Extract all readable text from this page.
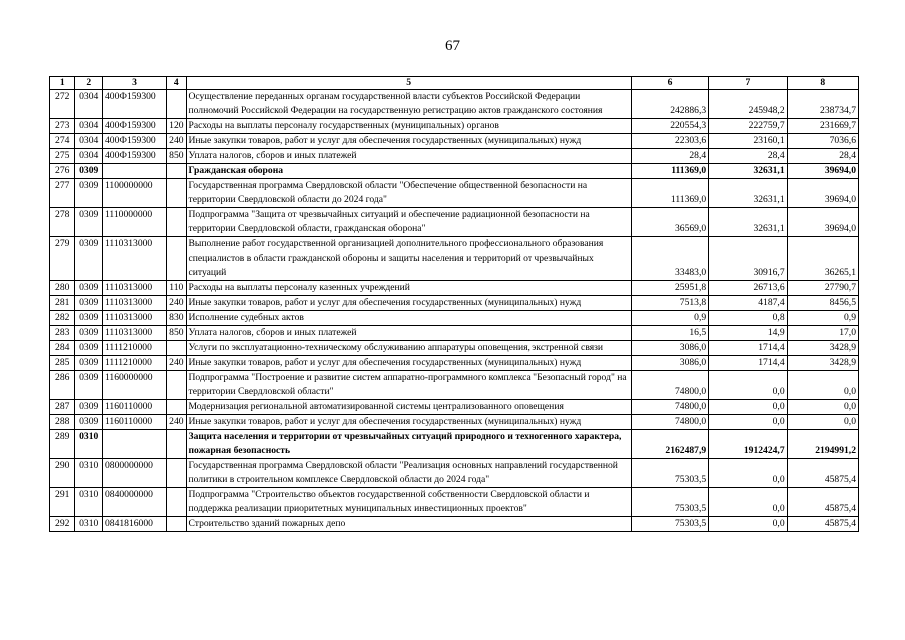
67
1	2	3	4	5	6	7	8
272	0304	400Ф159300		Осуществление переданных органам государственной власти субъектов Российской Федерации полномочий Российской Федерации на государственную регистрацию актов гражданского состояния	242886,3	245948,2	238734,7
273	0304	400Ф159300	120	Расходы на выплаты персоналу государственных (муниципальных) органов	220554,3	222759,7	231669,7
274	0304	400Ф159300	240	Иные закупки товаров, работ и услуг для обеспечения государственных (муниципальных) нужд	22303,6	23160,1	7036,6
275	0304	400Ф159300	850	Уплата налогов, сборов и иных платежей	28,4	28,4	28,4
276	0309			Гражданская оборона	111369,0	32631,1	39694,0
277	0309	1100000000		Государственная программа Свердловской области "Обеспечение общественной безопасности на территории Свердловской области до 2024 года"	111369,0	32631,1	39694,0
278	0309	1110000000		Подпрограмма "Защита от чрезвычайных ситуаций и обеспечение радиационной безопасности на территории Свердловской области, гражданская оборона"	36569,0	32631,1	39694,0
279	0309	1110313000		Выполнение работ государственной организацией дополнительного профессионального образования специалистов в области гражданской обороны и защиты населения и территорий от чрезвычайных ситуаций	33483,0	30916,7	36265,1
280	0309	1110313000	110	Расходы на выплаты персоналу казенных учреждений	25951,8	26713,6	27790,7
281	0309	1110313000	240	Иные закупки товаров, работ и услуг для обеспечения государственных (муниципальных) нужд	7513,8	4187,4	8456,5
282	0309	1110313000	830	Исполнение судебных актов	0,9	0,8	0,9
283	0309	1110313000	850	Уплата налогов, сборов и иных платежей	16,5	14,9	17,0
284	0309	1111210000		Услуги по эксплуатационно-техническому обслуживанию аппаратуры оповещения, экстренной связи	3086,0	1714,4	3428,9
285	0309	1111210000	240	Иные закупки товаров, работ и услуг для обеспечения государственных (муниципальных) нужд	3086,0	1714,4	3428,9
286	0309	1160000000		Подпрограмма "Построение и развитие систем аппаратно-программного комплекса "Безопасный город" на территории Свердловской области"	74800,0	0,0	0,0
287	0309	1160110000		Модернизация региональной автоматизированной системы централизованного оповещения	74800,0	0,0	0,0
288	0309	1160110000	240	Иные закупки товаров, работ и услуг для обеспечения государственных (муниципальных) нужд	74800,0	0,0	0,0
289	0310			Защита населения и территории от чрезвычайных ситуаций природного и техногенного характера, пожарная безопасность	2162487,9	1912424,7	2194991,2
290	0310	0800000000		Государственная программа Свердловской области "Реализация основных направлений государственной политики в строительном комплексе Свердловской области до 2024 года"	75303,5	0,0	45875,4
291	0310	0840000000		Подпрограмма "Строительство объектов государственной собственности Свердловской области и поддержка реализации приоритетных муниципальных инвестиционных проектов"	75303,5	0,0	45875,4
292	0310	0841816000		Строительство зданий пожарных депо	75303,5	0,0	45875,4
